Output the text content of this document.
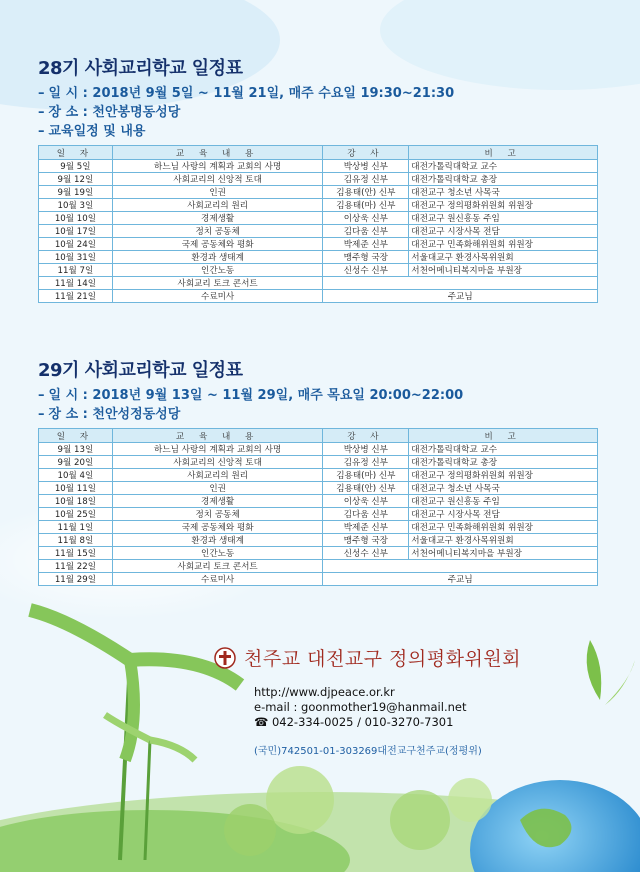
28기 사회교리학교 일정표
– 일 시 : 2018년 9월 5일 ~ 11월 21일, 매주 수요일 19:30~21:30
– 장 소 : 천안봉명동성당
– 교육일정 및 내용
일 자	교 육 내 용	강 사	비 고
9월 5일	하느님 사랑의 계획과 교회의 사명	박상병 신부	대전가톨릭대학교 교수
9월 12일	사회교리의 신앙적 토대	김유정 신부	대전가톨릭대학교 총장
9월 19일	인권	김용태(안) 신부	대전교구 청소년 사목국
10월 3일	사회교리의 원리	김용태(마) 신부	대전교구 정의평화위원회 위원장
10월 10일	경제생활	이상욱 신부	대전교구 원신흥동 주임
10월 17일	정치 공동체	김다움 신부	대전교구 시장사목 전담
10월 24일	국제 공동체와 평화	박제준 신부	대전교구 민족화해위원회 위원장
10월 31일	환경과 생태계	맹주형 국장	서울대교구 환경사목위원회
11월 7일	인간노동	신성수 신부	서천어메니티복지마을 부원장
11월 14일	사회교리 토크 콘서트		
11월 21일	수료미사	주교님	
29기 사회교리학교 일정표
– 일 시 : 2018년 9월 13일 ~ 11월 29일, 매주 목요일 20:00~22:00
– 장 소 : 천안성정동성당
일 자	교 육 내 용	강 사	비 고
9월 13일	하느님 사랑의 계획과 교회의 사명	박상병 신부	대전가톨릭대학교 교수
9월 20일	사회교리의 신앙적 토대	김유정 신부	대전가톨릭대학교 총장
10월 4일	사회교리의 원리	김용태(마) 신부	대전교구 정의평화위원회 위원장
10월 11일	인권	김용태(안) 신부	대전교구 청소년 사목국
10월 18일	경제생활	이상욱 신부	대전교구 원신흥동 주임
10월 25일	정치 공동체	김다움 신부	대전교구 시장사목 전담
11월 1일	국제 공동체와 평화	박제준 신부	대전교구 민족화해위원회 위원장
11월 8일	환경과 생태계	맹주형 국장	서울대교구 환경사목위원회
11월 15일	인간노동	신성수 신부	서천어메니티복지마을 부원장
11월 22일	사회교리 토크 콘서트		
11월 29일	수료미사	주교님	
천주교 대전교구 정의평화위원회
http://www.djpeace.or.kr
e-mail : goonmother19@hanmail.net
☎ 042-334-0025 / 010-3270-7301
(국민)742501-01-303269대전교구천주교(정평위)
